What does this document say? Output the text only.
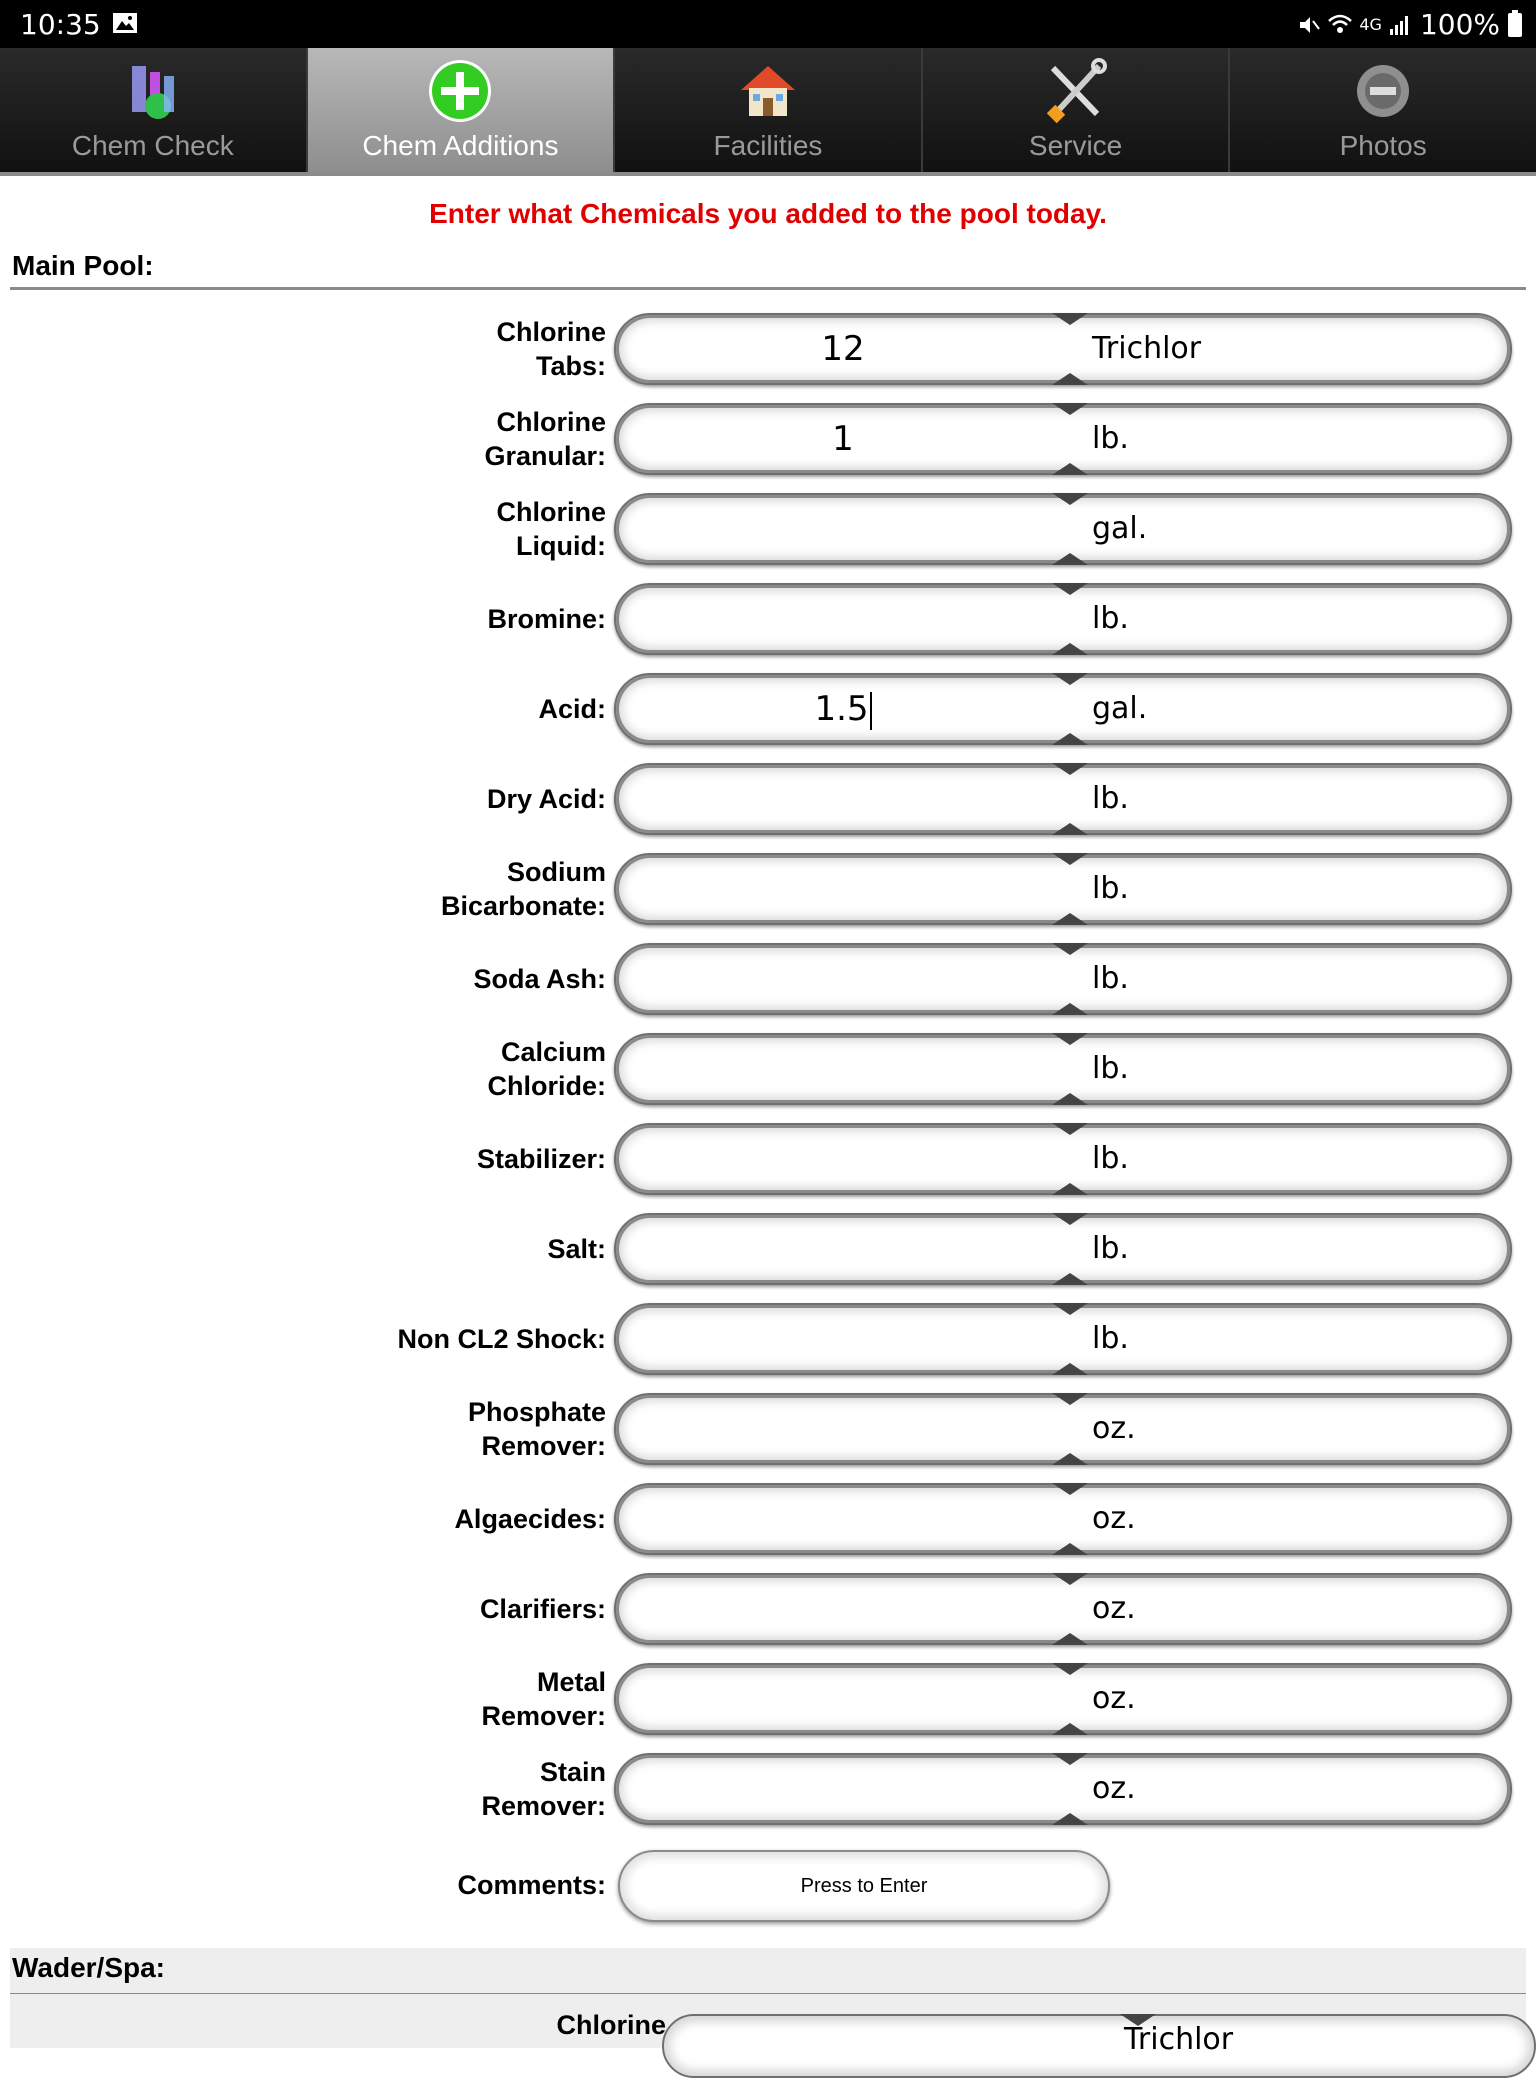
10:35	4G 100%
Chem Check	Chem Additions	Facilities	Service	Photos
Enter what Chemicals you added to the pool today.
Main Pool:
Chlorine
Tabs:	12	Trichlor
Chlorine
Granular:	1	lb.
Chlorine
Liquid:	gal.
Bromine:	lb.
Acid:	1.5	gal.
Dry Acid:	lb.
Sodium
Bicarbonate:	lb.
Soda Ash:	lb.
Calcium
Chloride:	lb.
Stabilizer:	lb.
Salt:	lb.
Non CL2 Shock:	lb.
Phosphate
Remover:	oz.
Algaecides:	oz.
Clarifiers:	oz.
Metal
Remover:	oz.
Stain
Remover:	oz.
Comments:	Press to Enter
Wader/Spa:
Chlorine	Trichlor
